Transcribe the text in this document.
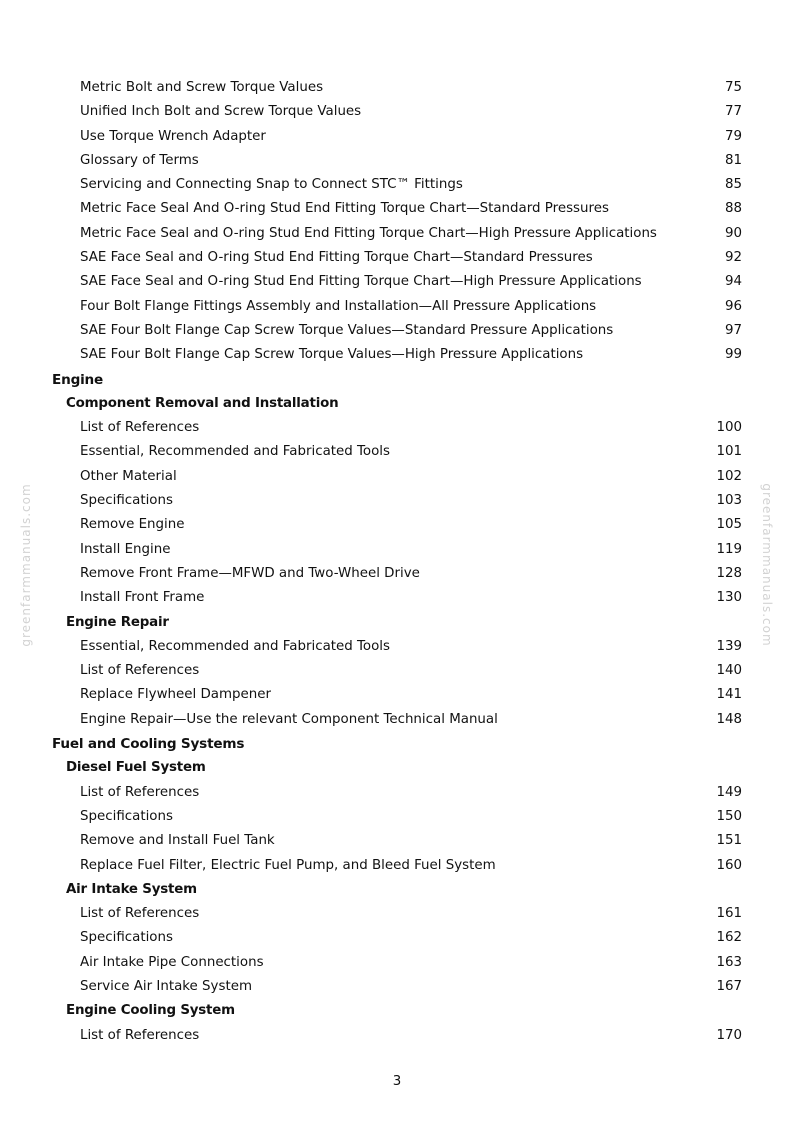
greenfarmmanuals.com	greenfarmmanuals.com
Metric Bolt and Screw Torque Values	75
Unified Inch Bolt and Screw Torque Values	77
Use Torque Wrench Adapter	79
Glossary of Terms	81
Servicing and Connecting Snap to Connect STC™ Fittings	85
Metric Face Seal And O-ring Stud End Fitting Torque Chart—Standard Pressures	88
Metric Face Seal and O-ring Stud End Fitting Torque Chart—High Pressure Applications	90
SAE Face Seal and O-ring Stud End Fitting Torque Chart—Standard Pressures	92
SAE Face Seal and O-ring Stud End Fitting Torque Chart—High Pressure Applications	94
Four Bolt Flange Fittings Assembly and Installation—All Pressure Applications	96
SAE Four Bolt Flange Cap Screw Torque Values—Standard Pressure Applications	97
SAE Four Bolt Flange Cap Screw Torque Values—High Pressure Applications	99
Engine
Component Removal and Installation
List of References	100
Essential, Recommended and Fabricated Tools	101
Other Material	102
Specifications	103
Remove Engine	105
Install Engine	119
Remove Front Frame—MFWD and Two-Wheel Drive	128
Install Front Frame	130
Engine Repair
Essential, Recommended and Fabricated Tools	139
List of References	140
Replace Flywheel Dampener	141
Engine Repair—Use the relevant Component Technical Manual	148
Fuel and Cooling Systems
Diesel Fuel System
List of References	149
Specifications	150
Remove and Install Fuel Tank	151
Replace Fuel Filter, Electric Fuel Pump, and Bleed Fuel System	160
Air Intake System
List of References	161
Specifications	162
Air Intake Pipe Connections	163
Service Air Intake System	167
Engine Cooling System
List of References	170
3
